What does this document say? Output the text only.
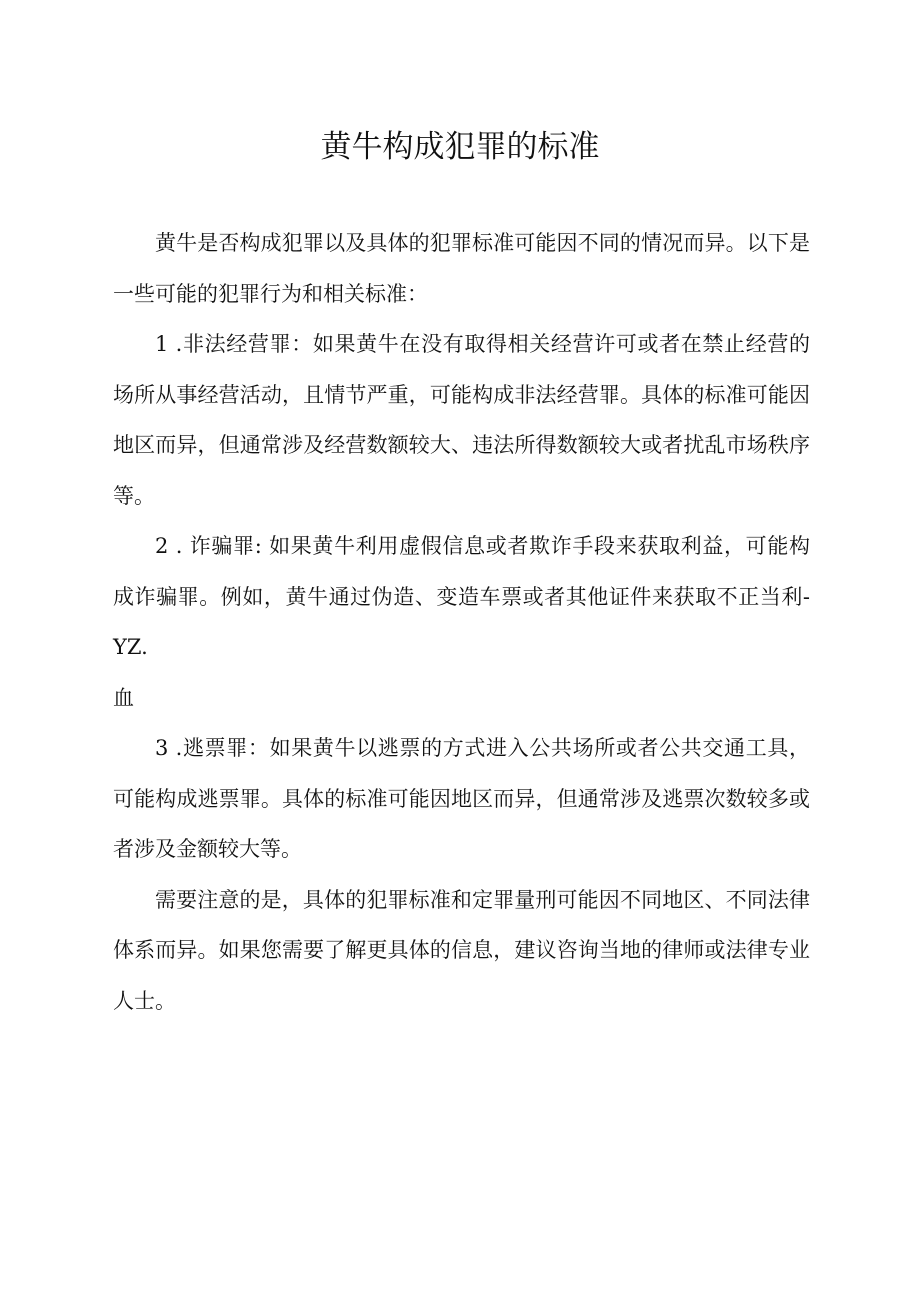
黄牛构成犯罪的标准

黄牛是否构成犯罪以及具体的犯罪标准可能因不同的情况而异。以下是一些可能的犯罪行为和相关标准：

1 .非法经营罪：如果黄牛在没有取得相关经营许可或者在禁止经营的场所从事经营活动，且情节严重，可能构成非法经营罪。具体的标准可能因地区而异，但通常涉及经营数额较大、违法所得数额较大或者扰乱市场秩序等。

2 . 诈骗罪: 如果黄牛利用虚假信息或者欺诈手段来获取利益，可能构成诈骗罪。例如，黄牛通过伪造、变造车票或者其他证件来获取不正当利-YZ.

血

3 .逃票罪：如果黄牛以逃票的方式进入公共场所或者公共交通工具，可能构成逃票罪。具体的标准可能因地区而异，但通常涉及逃票次数较多或者涉及金额较大等。

需要注意的是，具体的犯罪标准和定罪量刑可能因不同地区、不同法律体系而异。如果您需要了解更具体的信息，建议咨询当地的律师或法律专业人士。
